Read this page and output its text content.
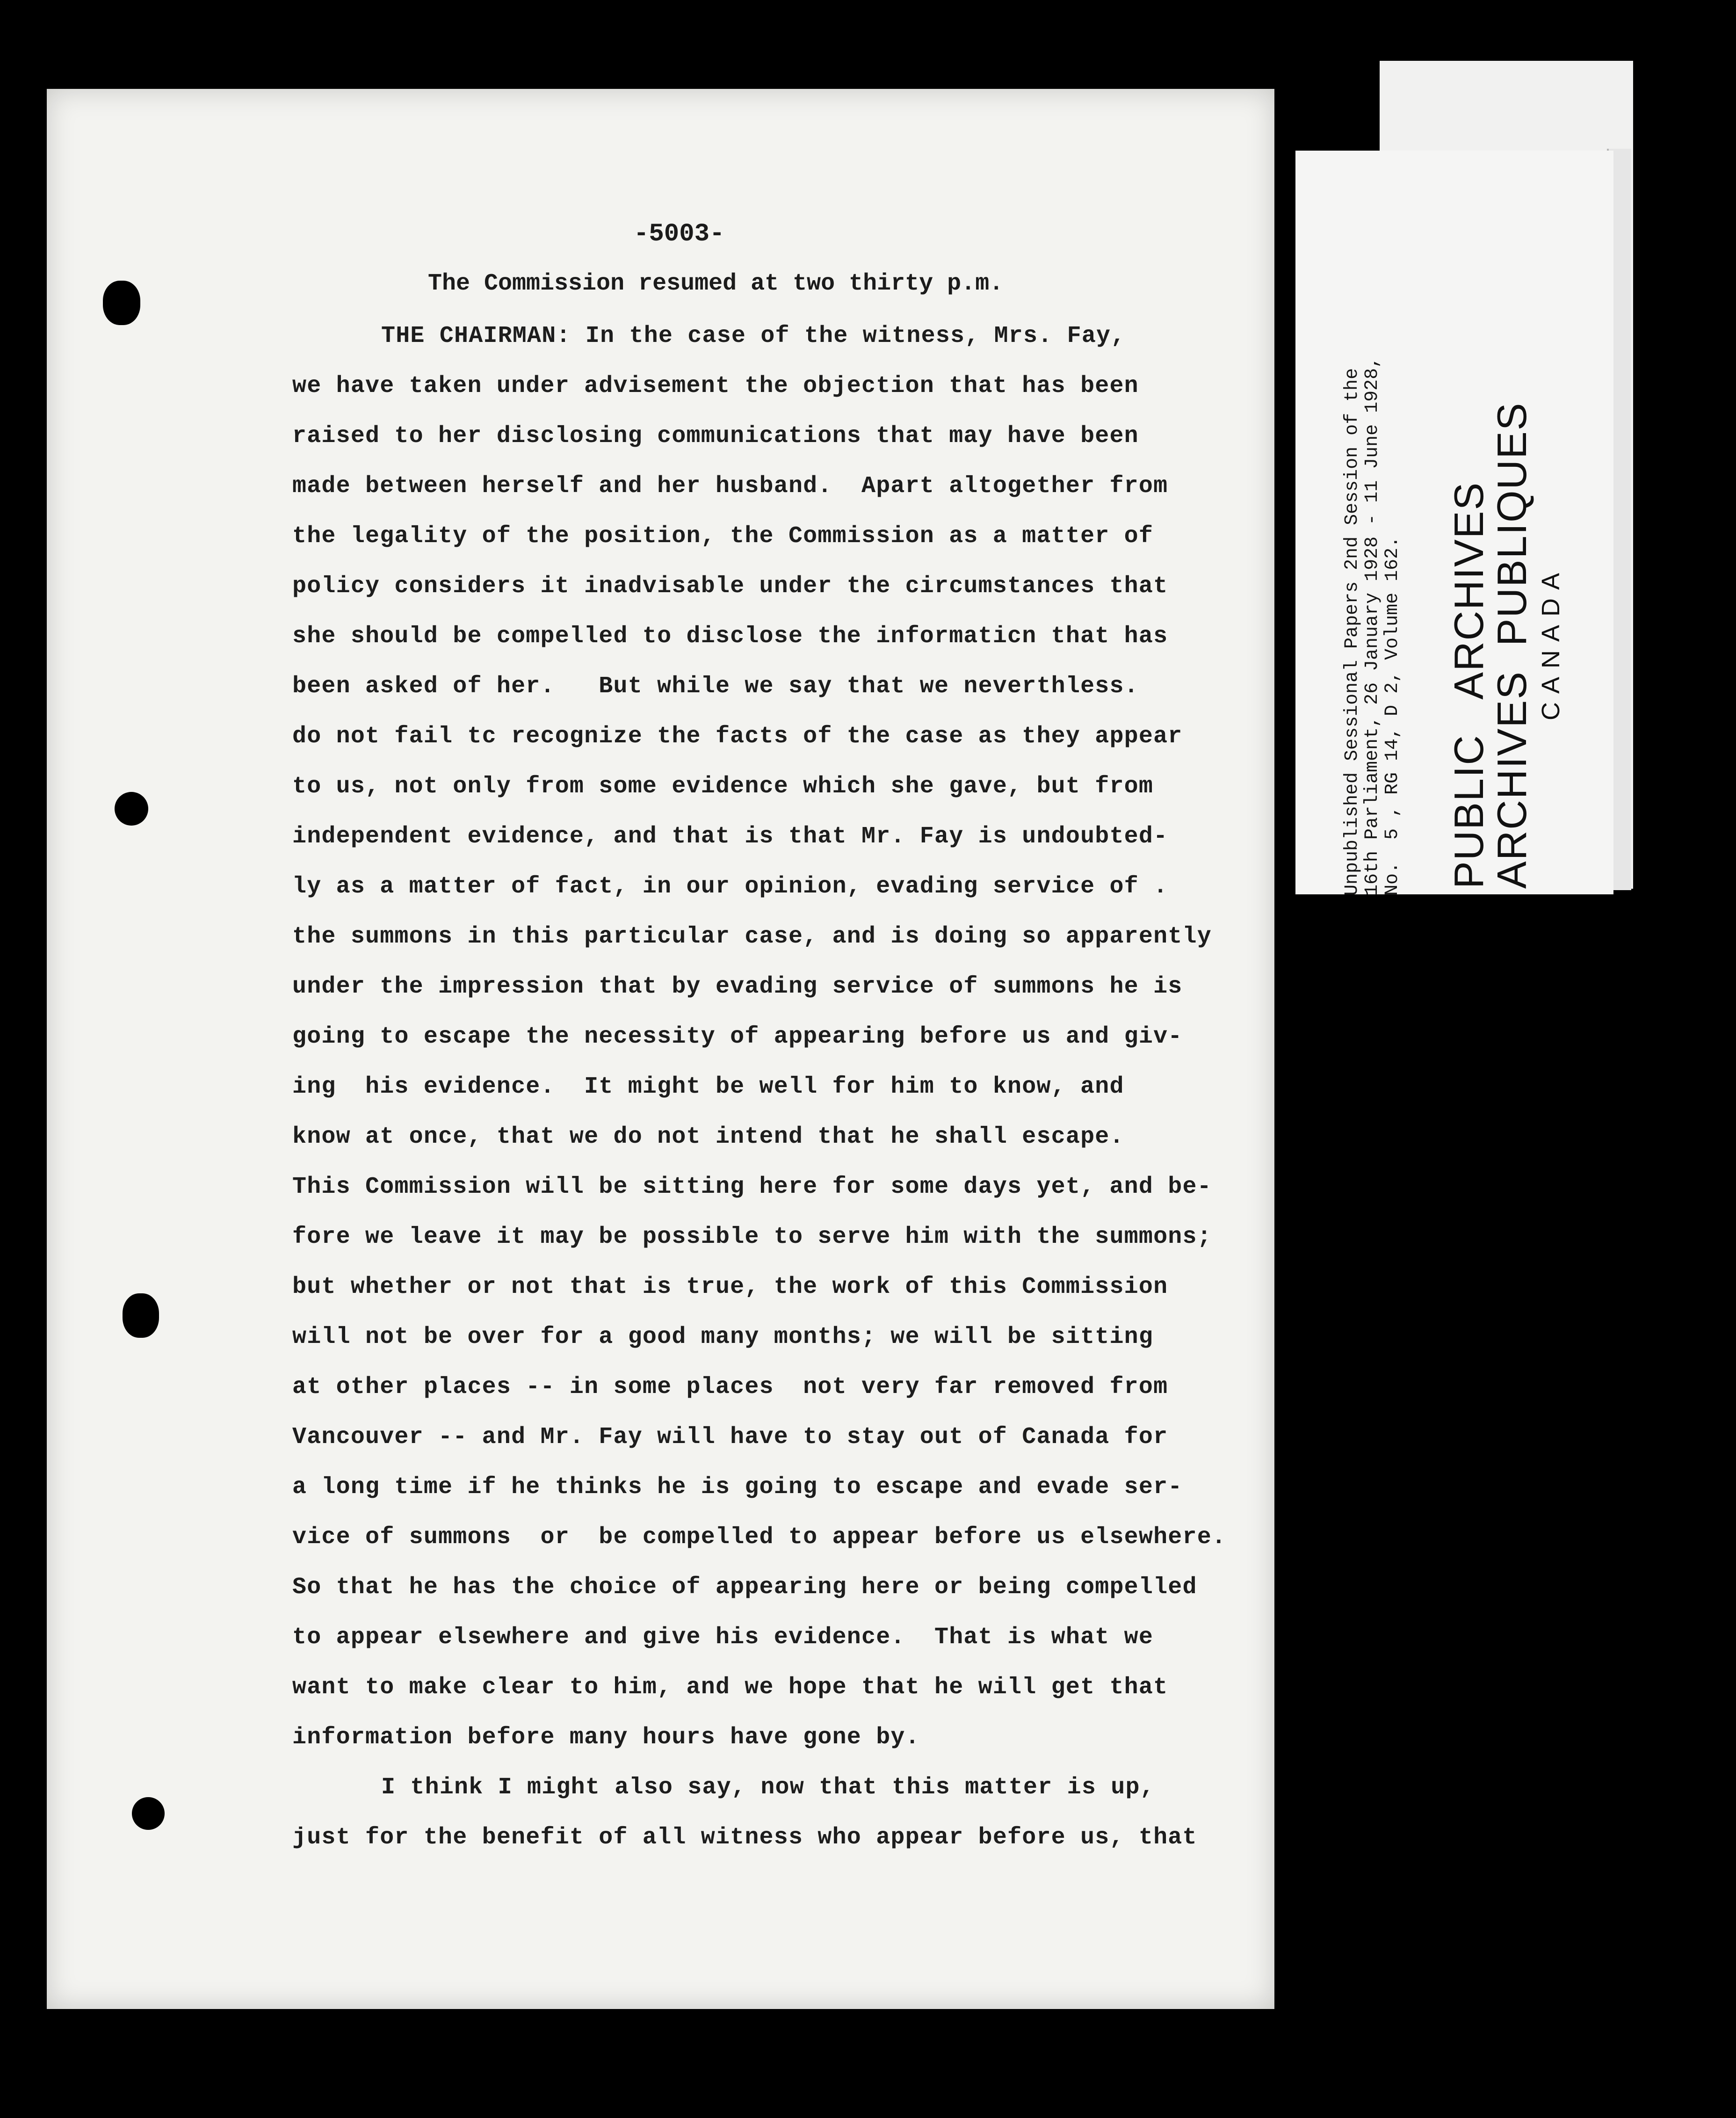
-5003-
The Commission resumed at two thirty p.m.
THE CHAIRMAN: In the case of the witness, Mrs. Fay,
we have taken under advisement the objection that has been
raised to her disclosing communications that may have been
made between herself and her husband.  Apart altogether from
the legality of the position, the Commission as a matter of
policy considers it inadvisable under the circumstances that
she should be compelled to disclose the informaticn that has
been asked of her.   But while we say that we neverthless.
do not fail tc recognize the facts of the case as they appear
to us, not only from some evidence which she gave, but from
independent evidence, and that is that Mr. Fay is undoubted-
ly as a matter of fact, in our opinion, evading service of .
the summons in this particular case, and is doing so apparently
under the impression that by evading service of summons he is
going to escape the necessity of appearing before us and giv-
ing  his evidence.  It might be well for him to know, and
know at once, that we do not intend that he shall escape.
This Commission will be sitting here for some days yet, and be-
fore we leave it may be possible to serve him with the summons;
but whether or not that is true, the work of this Commission
will not be over for a good many months; we will be sitting
at other places -- in some places  not very far removed from
Vancouver -- and Mr. Fay will have to stay out of Canada for
a long time if he thinks he is going to escape and evade ser-
vice of summons  or  be compelled to appear before us elsewhere.
So that he has the choice of appearing here or being compelled
to appear elsewhere and give his evidence.  That is what we
want to make clear to him, and we hope that he will get that
information before many hours have gone by.
I think I might also say, now that this matter is up,
just for the benefit of all witness who appear before us, that
Unpublished Sessional Papers 2nd Session of the
16th Parliament, 26 January 1928 - 11 June 1928,
No.  5 , RG 14, D 2, Volume 162. PUBLIC   ARCHIVES
ARCHIVES  PUBLIQUES CANADA
